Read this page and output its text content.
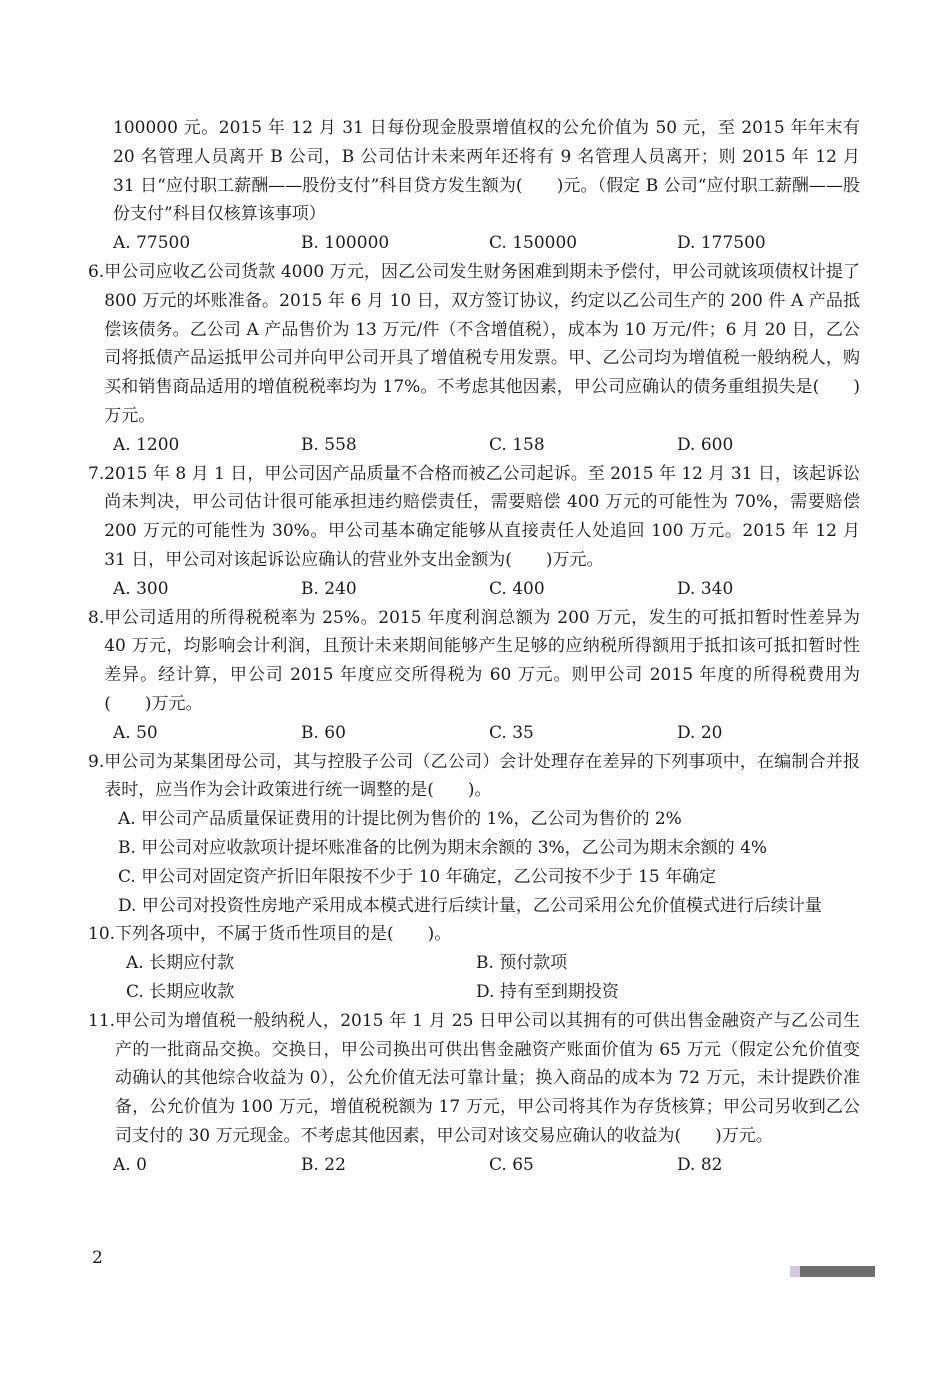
100000 元。2015 年 12 月 31 日每份现金股票增值权的公允价值为 50 元，至 2015 年年末有 20 名管理人员离开 B 公司，B 公司估计未来两年还将有 9 名管理人员离开；则 2015 年 12 月 31 日“应付职工薪酬——股份支付”科目贷方发生额为(　　)元。（假定 B 公司“应付职工薪酬——股份支付”科目仅核算该事项）
A. 77500	B. 100000	C. 150000	D. 177500
6. 甲公司应收乙公司货款 4000 万元，因乙公司发生财务困难到期未予偿付，甲公司就该项债权计提了 800 万元的坏账准备。2015 年 6 月 10 日，双方签订协议，约定以乙公司生产的 200 件 A 产品抵偿该债务。乙公司 A 产品售价为 13 万元/件（不含增值税），成本为 10 万元/件；6 月 20 日，乙公司将抵债产品运抵甲公司并向甲公司开具了增值税专用发票。甲、乙公司均为增值税一般纳税人，购买和销售商品适用的增值税税率均为 17%。不考虑其他因素，甲公司应确认的债务重组损失是(　　)万元。
A. 1200	B. 558	C. 158	D. 600
7. 2015 年 8 月 1 日，甲公司因产品质量不合格而被乙公司起诉。至 2015 年 12 月 31 日，该起诉讼尚未判决，甲公司估计很可能承担违约赔偿责任，需要赔偿 400 万元的可能性为 70%，需要赔偿 200 万元的可能性为 30%。甲公司基本确定能够从直接责任人处追回 100 万元。2015 年 12 月 31 日，甲公司对该起诉讼应确认的营业外支出金额为(　　)万元。
A. 300	B. 240	C. 400	D. 340
8. 甲公司适用的所得税税率为 25%。2015 年度利润总额为 200 万元，发生的可抵扣暂时性差异为 40 万元，均影响会计利润，且预计未来期间能够产生足够的应纳税所得额用于抵扣该可抵扣暂时性差异。经计算，甲公司 2015 年度应交所得税为 60 万元。则甲公司 2015 年度的所得税费用为(　　)万元。
A. 50	B. 60	C. 35	D. 20
9. 甲公司为某集团母公司，其与控股子公司（乙公司）会计处理存在差异的下列事项中，在编制合并报表时，应当作为会计政策进行统一调整的是(　　)。
A. 甲公司产品质量保证费用的计提比例为售价的 1%，乙公司为售价的 2%
B. 甲公司对应收款项计提坏账准备的比例为期末余额的 3%，乙公司为期末余额的 4%
C. 甲公司对固定资产折旧年限按不少于 10 年确定，乙公司按不少于 15 年确定
D. 甲公司对投资性房地产采用成本模式进行后续计量，乙公司采用公允价值模式进行后续计量
10. 下列各项中，不属于货币性项目的是(　　)。
A. 长期应付款	B. 预付款项
C. 长期应收款	D. 持有至到期投资
11. 甲公司为增值税一般纳税人，2015 年 1 月 25 日甲公司以其拥有的可供出售金融资产与乙公司生产的一批商品交换。交换日，甲公司换出可供出售金融资产账面价值为 65 万元（假定公允价值变动确认的其他综合收益为 0），公允价值无法可靠计量；换入商品的成本为 72 万元，未计提跌价准备，公允价值为 100 万元，增值税税额为 17 万元，甲公司将其作为存货核算；甲公司另收到乙公司支付的 30 万元现金。不考虑其他因素，甲公司对该交易应确认的收益为(　　)万元。
A. 0	B. 22	C. 65	D. 82
2
